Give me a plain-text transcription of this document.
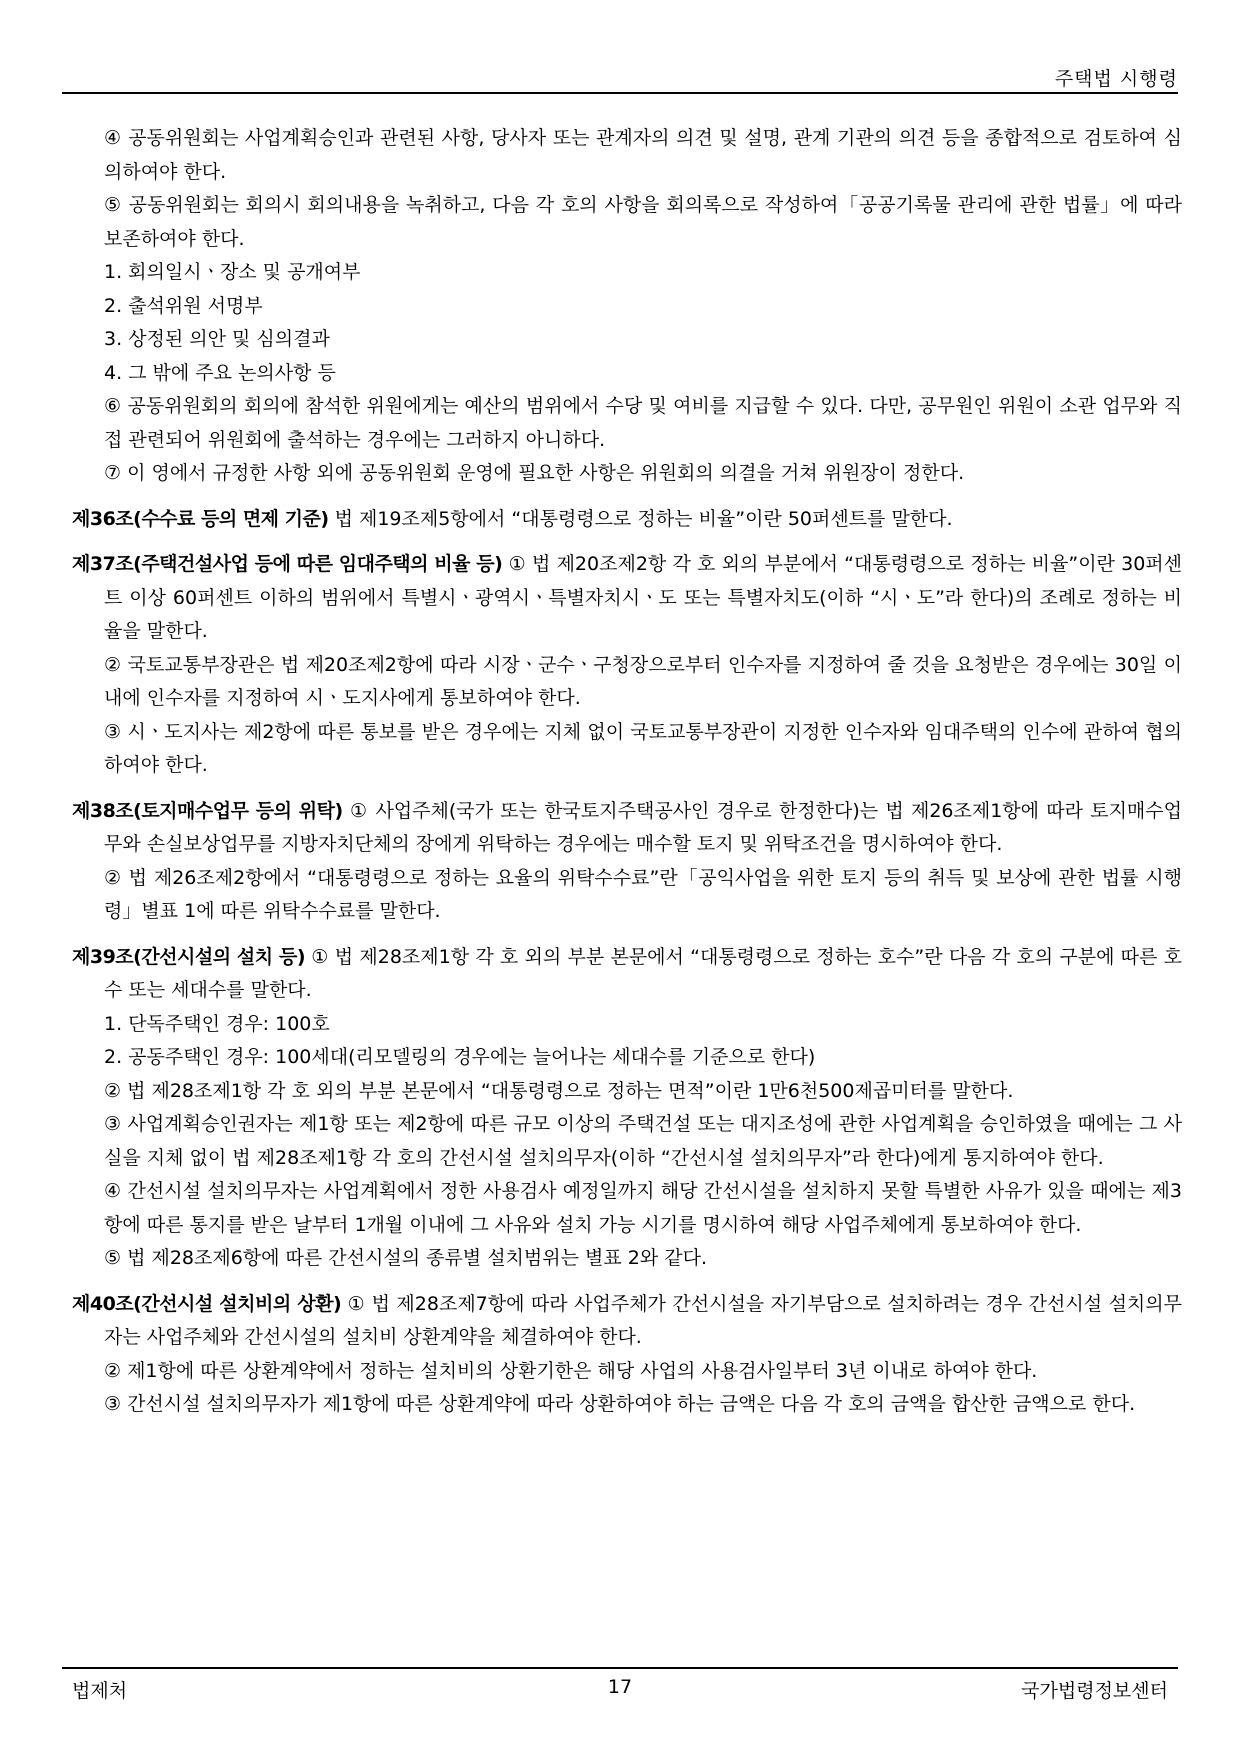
주택법 시행령

④ 공동위원회는 사업계획승인과 관련된 사항, 당사자 또는 관계자의 의견 및 설명, 관계 기관의 의견 등을 종합적으로 검토하여 심의하여야 한다.

⑤ 공동위원회는 회의시 회의내용을 녹취하고, 다음 각 호의 사항을 회의록으로 작성하여「공공기록물 관리에 관한 법률」에 따라 보존하여야 한다.

1. 회의일시ㆍ장소 및 공개여부

2. 출석위원 서명부

3. 상정된 의안 및 심의결과

4. 그 밖에 주요 논의사항 등

⑥ 공동위원회의 회의에 참석한 위원에게는 예산의 범위에서 수당 및 여비를 지급할 수 있다. 다만, 공무원인 위원이 소관 업무와 직접 관련되어 위원회에 출석하는 경우에는 그러하지 아니하다.

⑦ 이 영에서 규정한 사항 외에 공동위원회 운영에 필요한 사항은 위원회의 의결을 거쳐 위원장이 정한다.

제36조(수수료 등의 면제 기준) 법 제19조제5항에서 “대통령령으로 정하는 비율”이란 50퍼센트를 말한다.

제37조(주택건설사업 등에 따른 임대주택의 비율 등) ① 법 제20조제2항 각 호 외의 부분에서 “대통령령으로 정하는 비율”이란 30퍼센트 이상 60퍼센트 이하의 범위에서 특별시ㆍ광역시ㆍ특별자치시ㆍ도 또는 특별자치도(이하 “시ㆍ도”라 한다)의 조례로 정하는 비율을 말한다.

② 국토교통부장관은 법 제20조제2항에 따라 시장ㆍ군수ㆍ구청장으로부터 인수자를 지정하여 줄 것을 요청받은 경우에는 30일 이내에 인수자를 지정하여 시ㆍ도지사에게 통보하여야 한다.

③ 시ㆍ도지사는 제2항에 따른 통보를 받은 경우에는 지체 없이 국토교통부장관이 지정한 인수자와 임대주택의 인수에 관하여 협의하여야 한다.

제38조(토지매수업무 등의 위탁) ① 사업주체(국가 또는 한국토지주택공사인 경우로 한정한다)는 법 제26조제1항에 따라 토지매수업무와 손실보상업무를 지방자치단체의 장에게 위탁하는 경우에는 매수할 토지 및 위탁조건을 명시하여야 한다.

② 법 제26조제2항에서 “대통령령으로 정하는 요율의 위탁수수료”란「공익사업을 위한 토지 등의 취득 및 보상에 관한 법률 시행령」별표 1에 따른 위탁수수료를 말한다.

제39조(간선시설의 설치 등) ① 법 제28조제1항 각 호 외의 부분 본문에서 “대통령령으로 정하는 호수”란 다음 각 호의 구분에 따른 호수 또는 세대수를 말한다.

1. 단독주택인 경우: 100호

2. 공동주택인 경우: 100세대(리모델링의 경우에는 늘어나는 세대수를 기준으로 한다)

② 법 제28조제1항 각 호 외의 부분 본문에서 “대통령령으로 정하는 면적”이란 1만6천500제곱미터를 말한다.

③ 사업계획승인권자는 제1항 또는 제2항에 따른 규모 이상의 주택건설 또는 대지조성에 관한 사업계획을 승인하였을 때에는 그 사실을 지체 없이 법 제28조제1항 각 호의 간선시설 설치의무자(이하 “간선시설 설치의무자”라 한다)에게 통지하여야 한다.

④ 간선시설 설치의무자는 사업계획에서 정한 사용검사 예정일까지 해당 간선시설을 설치하지 못할 특별한 사유가 있을 때에는 제3항에 따른 통지를 받은 날부터 1개월 이내에 그 사유와 설치 가능 시기를 명시하여 해당 사업주체에게 통보하여야 한다.

⑤ 법 제28조제6항에 따른 간선시설의 종류별 설치범위는 별표 2와 같다.

제40조(간선시설 설치비의 상환) ① 법 제28조제7항에 따라 사업주체가 간선시설을 자기부담으로 설치하려는 경우 간선시설 설치의무자는 사업주체와 간선시설의 설치비 상환계약을 체결하여야 한다.

② 제1항에 따른 상환계약에서 정하는 설치비의 상환기한은 해당 사업의 사용검사일부터 3년 이내로 하여야 한다.

③ 간선시설 설치의무자가 제1항에 따른 상환계약에 따라 상환하여야 하는 금액은 다음 각 호의 금액을 합산한 금액으로 한다.

법제처	17	국가법령정보센터
